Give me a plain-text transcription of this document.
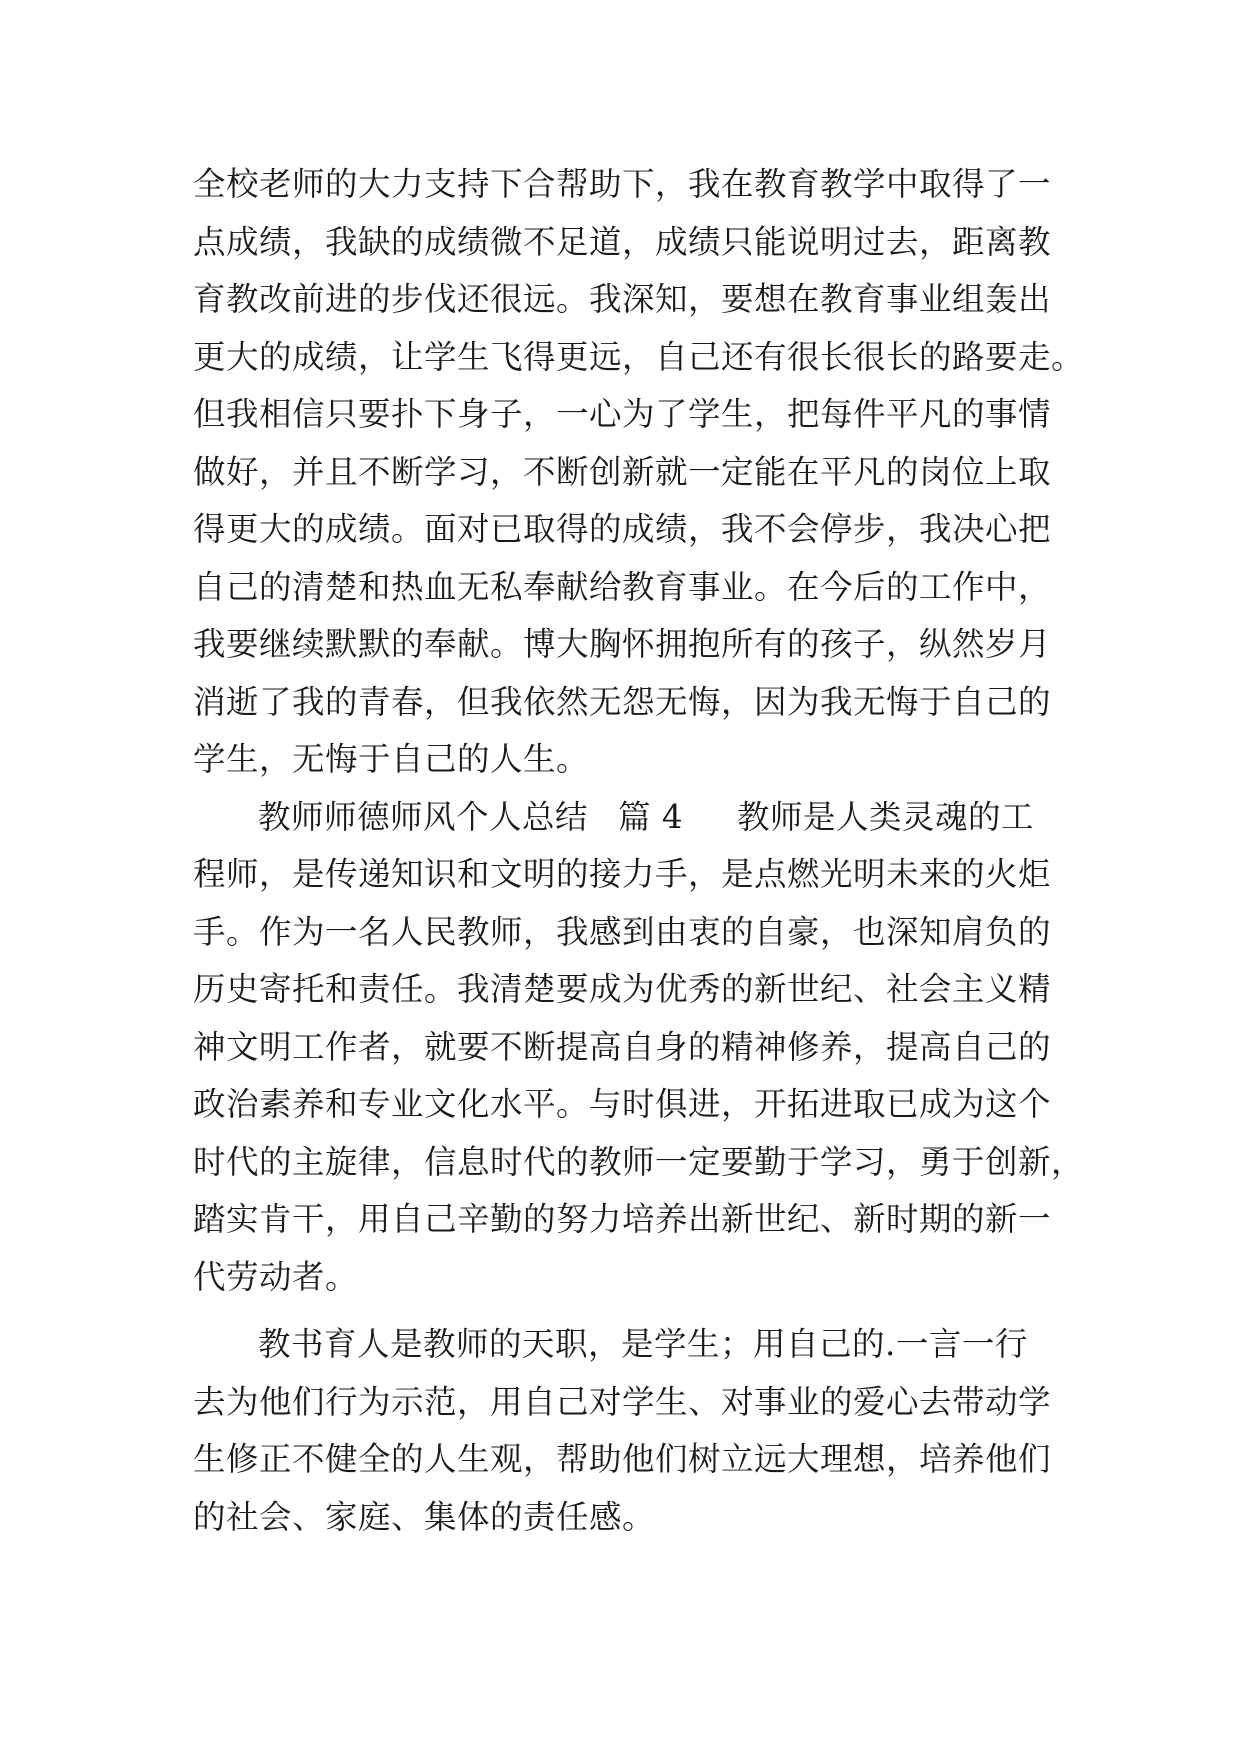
全校老师的大力支持下合帮助下，我在教育教学中取得了一
点成绩，我缺的成绩微不足道，成绩只能说明过去，距离教
育教改前进的步伐还很远。我深知，要想在教育事业组轰出
更大的成绩，让学生飞得更远，自己还有很长很长的路要走。
但我相信只要扑下身子，一心为了学生，把每件平凡的事情
做好，并且不断学习，不断创新就一定能在平凡的岗位上取
得更大的成绩。面对已取得的成绩，我不会停步，我决心把
自己的清楚和热血无私奉献给教育事业。在今后的工作中，
我要继续默默的奉献。博大胸怀拥抱所有的孩子，纵然岁月
消逝了我的青春，但我依然无怨无悔，因为我无悔于自己的
学生，无悔于自己的人生。
教师师德师风个人总结 篇 4 教师是人类灵魂的工
程师，是传递知识和文明的接力手，是点燃光明未来的火炬
手。作为一名人民教师，我感到由衷的自豪，也深知肩负的
历史寄托和责任。我清楚要成为优秀的新世纪、社会主义精
神文明工作者，就要不断提高自身的精神修养，提高自己的
政治素养和专业文化水平。与时俱进，开拓进取已成为这个
时代的主旋律，信息时代的教师一定要勤于学习，勇于创新，
踏实肯干，用自己辛勤的努力培养出新世纪、新时期的新一
代劳动者。
教书育人是教师的天职，是学生；用自己的.一言一行
去为他们行为示范，用自己对学生、对事业的爱心去带动学
生修正不健全的人生观，帮助他们树立远大理想，培养他们
的社会、家庭、集体的责任感。
